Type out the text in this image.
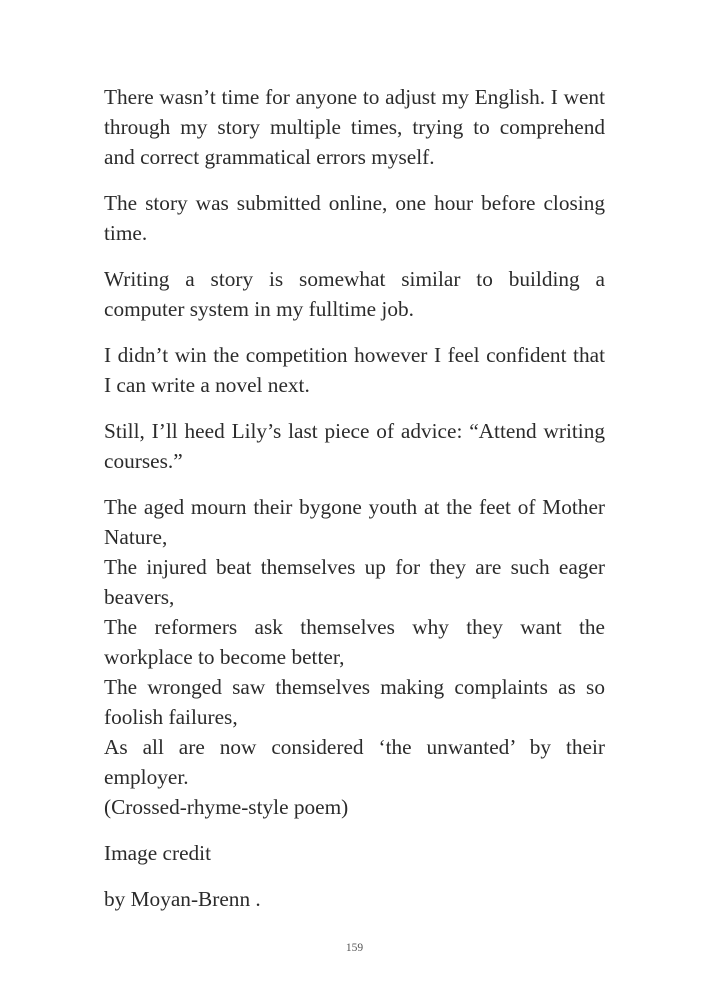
There wasn’t time for anyone to adjust my English. I went through my story multiple times, trying to comprehend and correct grammatical errors myself.

The story was submitted online, one hour before closing time.

Writing a story is somewhat similar to building a computer system in my fulltime job.

I didn’t win the competition however I feel confident that I can write a novel next.

Still, I’ll heed Lily’s last piece of advice: “Attend writing courses.”

The aged mourn their bygone youth at the feet of Mother Nature,
The injured beat themselves up for they are such eager beavers,
The reformers ask themselves why they want the workplace to become better,
The wronged saw themselves making complaints as so foolish failures,
As all are now considered ‘the unwanted’ by their employer.
(Crossed-rhyme-style poem)

Image credit

by Moyan-Brenn .

159
